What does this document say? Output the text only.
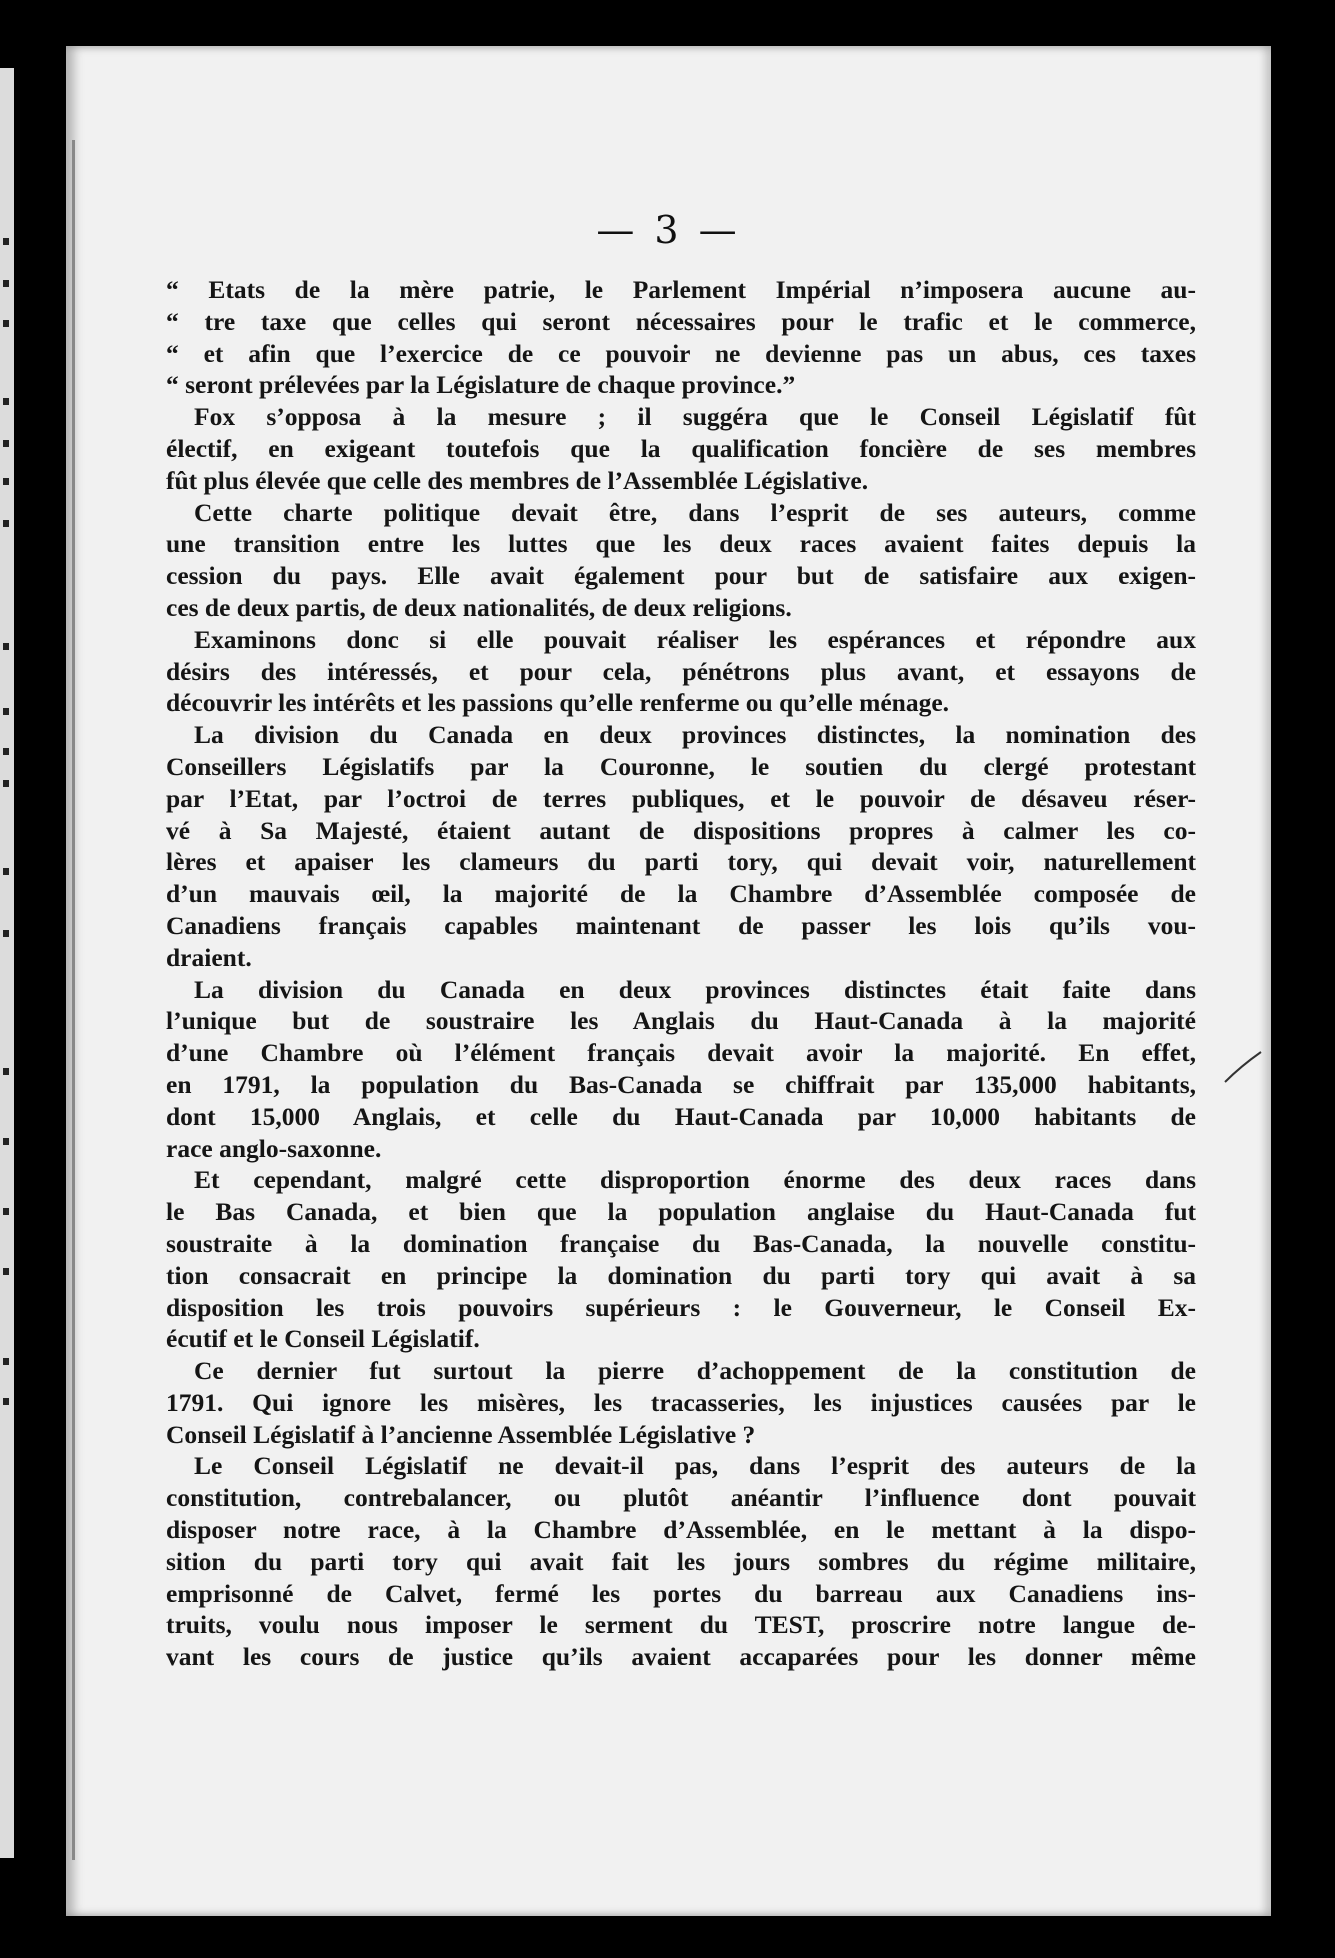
— 3 —
“ Etats de la mère patrie, le Parlement Impérial n’imposera aucune au-
“ tre taxe que celles qui seront nécessaires pour le trafic et le commerce,
“ et afin que l’exercice de ce pouvoir ne devienne pas un abus, ces taxes
“ seront prélevées par la Législature de chaque province.”
Fox s’opposa à la mesure ; il suggéra que le Conseil Législatif fût
électif, en exigeant toutefois que la qualification foncière de ses membres
fût plus élevée que celle des membres de l’Assemblée Législative.
Cette charte politique devait être, dans l’esprit de ses auteurs, comme
une transition entre les luttes que les deux races avaient faites depuis la
cession du pays. Elle avait également pour but de satisfaire aux exigen-
ces de deux partis, de deux nationalités, de deux religions.
Examinons donc si elle pouvait réaliser les espérances et répondre aux
désirs des intéressés, et pour cela, pénétrons plus avant, et essayons de
découvrir les intérêts et les passions qu’elle renferme ou qu’elle ménage.
La division du Canada en deux provinces distinctes, la nomination des
Conseillers Législatifs par la Couronne, le soutien du clergé protestant
par l’Etat, par l’octroi de terres publiques, et le pouvoir de désaveu réser-
vé à Sa Majesté, étaient autant de dispositions propres à calmer les co-
lères et apaiser les clameurs du parti tory, qui devait voir, naturellement
d’un mauvais œil, la majorité de la Chambre d’Assemblée composée de
Canadiens français capables maintenant de passer les lois qu’ils vou-
draient.
La division du Canada en deux provinces distinctes était faite dans
l’unique but de soustraire les Anglais du Haut-Canada à la majorité
d’une Chambre où l’élément français devait avoir la majorité. En effet,
en 1791, la population du Bas-Canada se chiffrait par 135,000 habitants,
dont 15,000 Anglais, et celle du Haut-Canada par 10,000 habitants de
race anglo-saxonne.
Et cependant, malgré cette disproportion énorme des deux races dans
le Bas Canada, et bien que la population anglaise du Haut-Canada fut
soustraite à la domination française du Bas-Canada, la nouvelle constitu-
tion consacrait en principe la domination du parti tory qui avait à sa
disposition les trois pouvoirs supérieurs : le Gouverneur, le Conseil Ex-
écutif et le Conseil Législatif.
Ce dernier fut surtout la pierre d’achoppement de la constitution de
1791. Qui ignore les misères, les tracasseries, les injustices causées par le
Conseil Législatif à l’ancienne Assemblée Législative ?
Le Conseil Législatif ne devait-il pas, dans l’esprit des auteurs de la
constitution, contrebalancer, ou plutôt anéantir l’influence dont pouvait
disposer notre race, à la Chambre d’Assemblée, en le mettant à la dispo-
sition du parti tory qui avait fait les jours sombres du régime militaire,
emprisonné de Calvet, fermé les portes du barreau aux Canadiens ins-
truits, voulu nous imposer le serment du TEST, proscrire notre langue de-
vant les cours de justice qu’ils avaient accaparées pour les donner même
